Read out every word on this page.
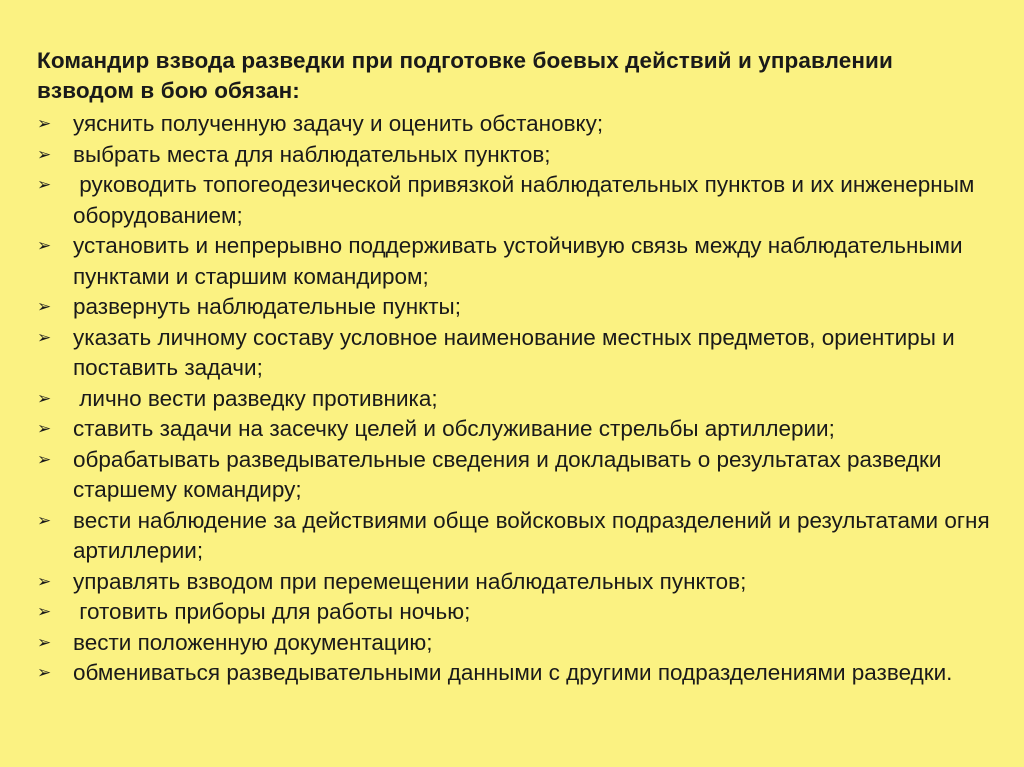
Командир взвода разведки при подготовке боевых действий и управлении взводом в бою обязан:
➢ уяснить полученную задачу и оценить обстановку;
➢ выбрать места для наблюдательных пунктов;
➢ руководить топогеодезической привязкой наблюдательных пунктов и их инженерным оборудованием;
➢ установить и непрерывно поддерживать устойчивую связь между наблюдательными пунктами и старшим командиром;
➢ развернуть наблюдательные пункты;
➢ указать личному составу условное наименование местных предметов, ориентиры и поставить задачи;
➢ лично вести разведку противника;
➢ ставить задачи на засечку целей и обслуживание стрельбы артиллерии;
➢ обрабатывать разведывательные сведения и докладывать о результатах разведки старшему командиру;
➢ вести наблюдение за действиями обще войсковых подразделений и результатами огня артиллерии;
➢ управлять взводом при перемещении наблюдательных пунктов;
➢ готовить приборы для работы ночью;
➢ вести положенную документацию;
➢ обмениваться разведывательными данными с другими подразделениями разведки.
